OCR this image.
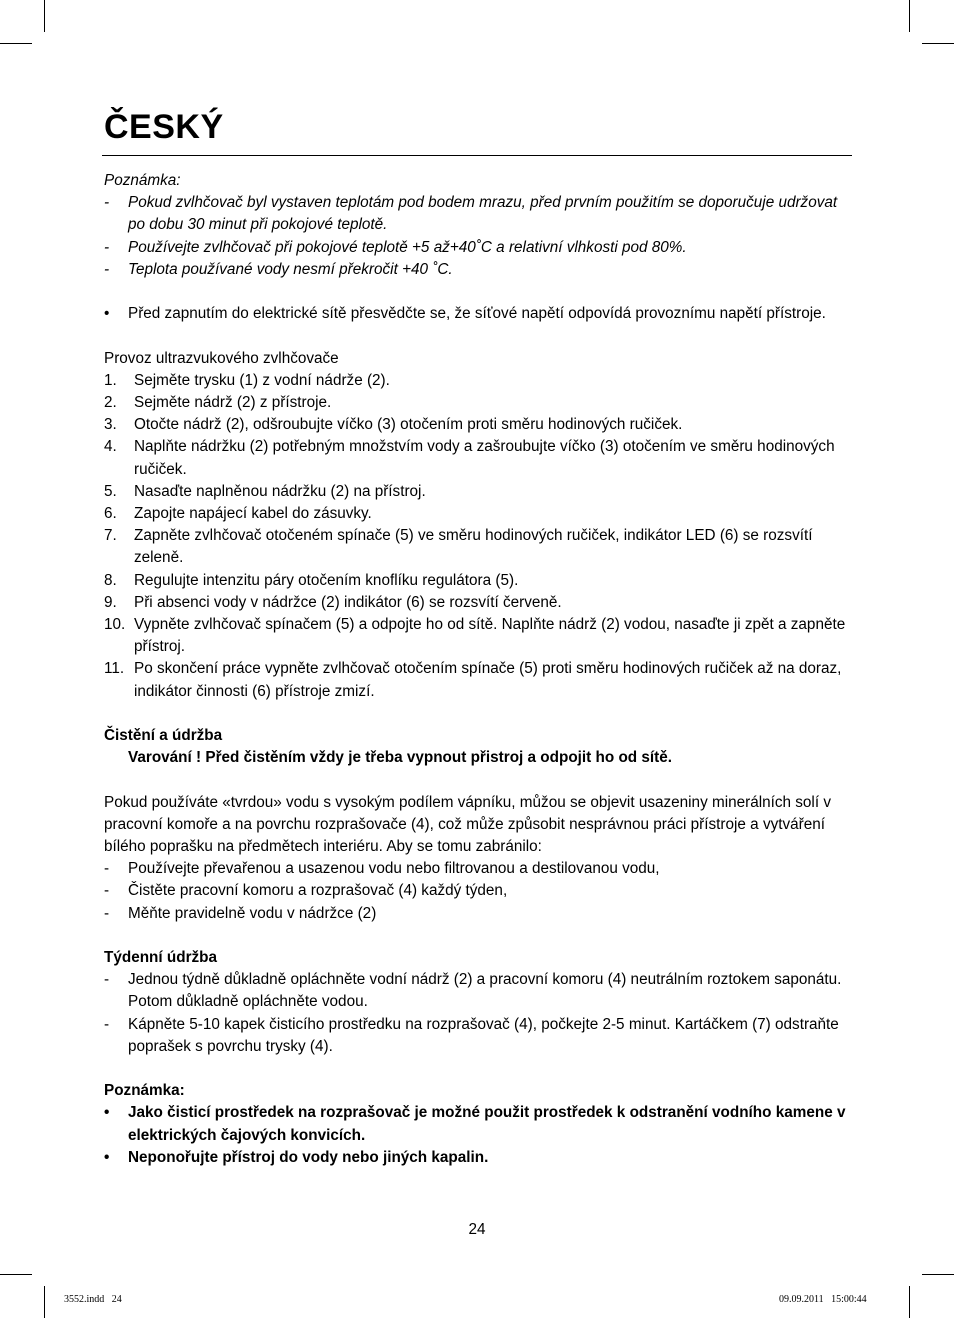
ČESKÝ

Poznámka:

-	Pokud zvlhčovač byl vystaven teplotám pod bodem mrazu, před prvním použitím se doporučuje udržovat po dobu 30 minut při pokojové teplotě.
-	Používejte zvlhčovač při pokojové teplotě +5 až+40˚C a relativní vlhkosti pod 80%.
-	Teplota používané vody nesmí překročit +40 ˚C.
•	Před zapnutím do elektrické sítě přesvědčte se, že síťové napětí odpovídá provoznímu napětí přístroje.

Provoz ultrazvukového zvlhčovače

1.	Sejměte trysku (1) z vodní nádrže (2).
2.	Sejměte nádrž (2) z přístroje.
3.	Otočte nádrž (2), odšroubujte víčko (3) otočením proti směru hodinových ručiček.
4.	Naplňte nádržku (2) potřebným množstvím vody a zašroubujte víčko (3) otočením ve směru hodinových ručiček.
5.	Nasaďte naplněnou nádržku (2) na přístroj.
6.	Zapojte napájecí kabel do zásuvky.
7.	Zapněte zvlhčovač otočeném spínače (5) ve směru hodinových ručiček, indikátor LED (6) se rozsvítí zeleně.
8.	Regulujte intenzitu páry otočením knoflíku regulátora (5).
9.	Při absenci vody v nádržce (2) indikátor (6) se rozsvítí červeně.
10. Vypněte zvlhčovač spínačem (5) a odpojte ho od sítě. Naplňte nádrž (2) vodou, nasaďte ji zpět a zapněte přístroj.
11. Po skončení práce vypněte zvlhčovač otočením spínače (5) proti směru hodinových ručiček až na doraz, indikátor činnosti (6) přístroje zmizí.

Čistění a údržba

Varování ! Před čistěním vždy je třeba vypnout přistroj a odpojit ho od sítě.

Pokud používáte «tvrdou» vodu s vysokým podílem vápníku, můžou se objevit usazeniny minerálních solí v pracovní komoře a na povrchu rozprašovače (4), což může způsobit nesprávnou práci přístroje a vytváření bílého poprašku na předmětech interiéru. Aby se tomu zabránilo:

-	Používejte převařenou a usazenou vodu nebo filtrovanou a destilovanou vodu,
-	Čistěte pracovní komoru a rozprašovač (4) každý týden,
-	Měňte pravidelně vodu v nádržce (2)

Týdenní údržba

-	Jednou týdně důkladně opláchněte vodní nádrž (2) a pracovní komoru (4) neutrálním roztokem saponátu. Potom důkladně opláchněte vodou.
-	Kápněte 5-10 kapek čisticího prostředku na rozprašovač (4), počkejte 2-5 minut. Kartáčkem (7) odstraňte poprašek s povrchu trysky (4).

Poznámka:

•	Jako čisticí prostředek na rozprašovač je možné použit prostředek k odstranění vodního kamene v elektrických čajových konvicích.
•	Neponořujte přístroj do vody nebo jiných kapalin.
24
3552.indd   24	09.09.2011   15:00:44
